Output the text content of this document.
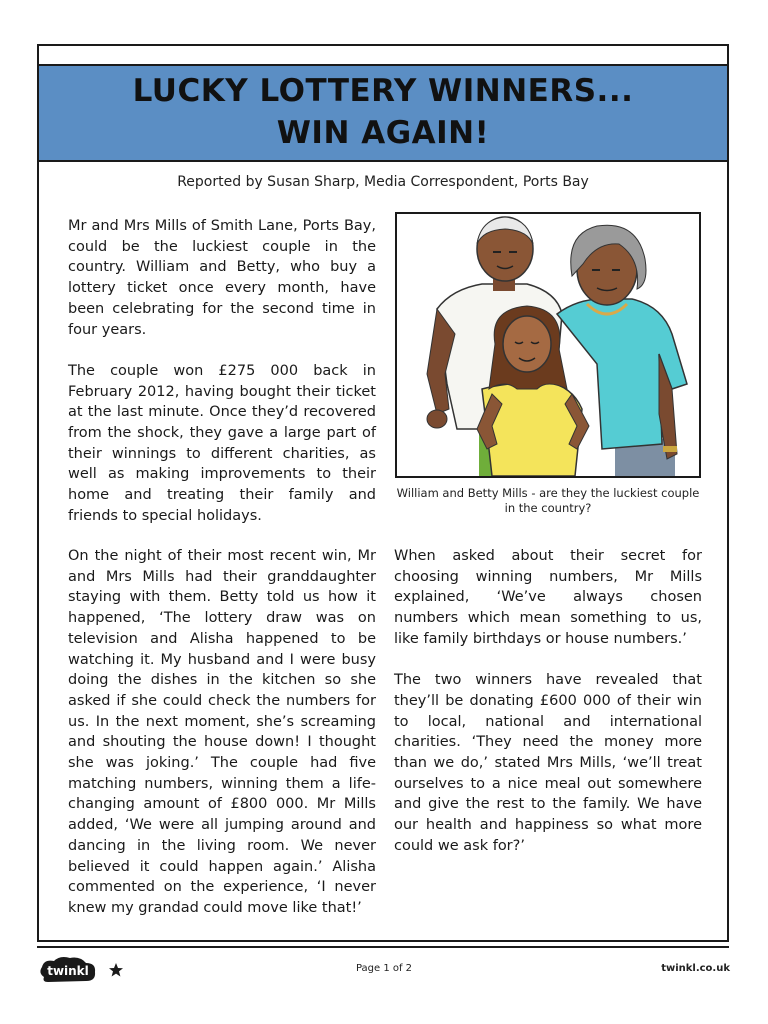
LUCKY LOTTERY WINNERS...
WIN AGAIN!
Reported by Susan Sharp, Media Correspondent, Ports Bay

Mr and Mrs Mills of Smith Lane, Ports Bay, could be the luckiest couple in the country. William and Betty, who buy a lottery ticket once every month, have been celebrating for the second time in four years.

The couple won £275 000 back in February 2012, having bought their ticket at the last minute. Once they’d recovered from the shock, they gave a large part of their winnings to different charities, as well as making improvements to their home and treating their family and friends to special holidays.

William and Betty Mills - are they the luckiest couple in the country?

On the night of their most recent win, Mr and Mrs Mills had their granddaughter staying with them. Betty told us how it happened, ‘The lottery draw was on television and Alisha happened to be watching it. My husband and I were busy doing the dishes in the kitchen so she asked if she could check the numbers for us. In the next moment, she’s screaming and shouting the house down! I thought she was joking.’ The couple had five matching numbers, winning them a life-changing amount of £800 000. Mr Mills added, ‘We were all jumping around and dancing in the living room. We never believed it could happen again.’ Alisha commented on the experience, ‘I never knew my grandad could move like that!’

When asked about their secret for choosing winning numbers, Mr Mills explained, ‘We’ve always chosen numbers which mean something to us, like family birthdays or house numbers.’

The two winners have revealed that they’ll be donating £600 000 of their win to local, national and international charities. ‘They need the money more than we do,’ stated Mrs Mills, ‘we’ll treat ourselves to a nice meal out somewhere and give the rest to the family. We have our health and happiness so what more could we ask for?’

twinkl	Page 1 of 2	twinkl.co.uk
